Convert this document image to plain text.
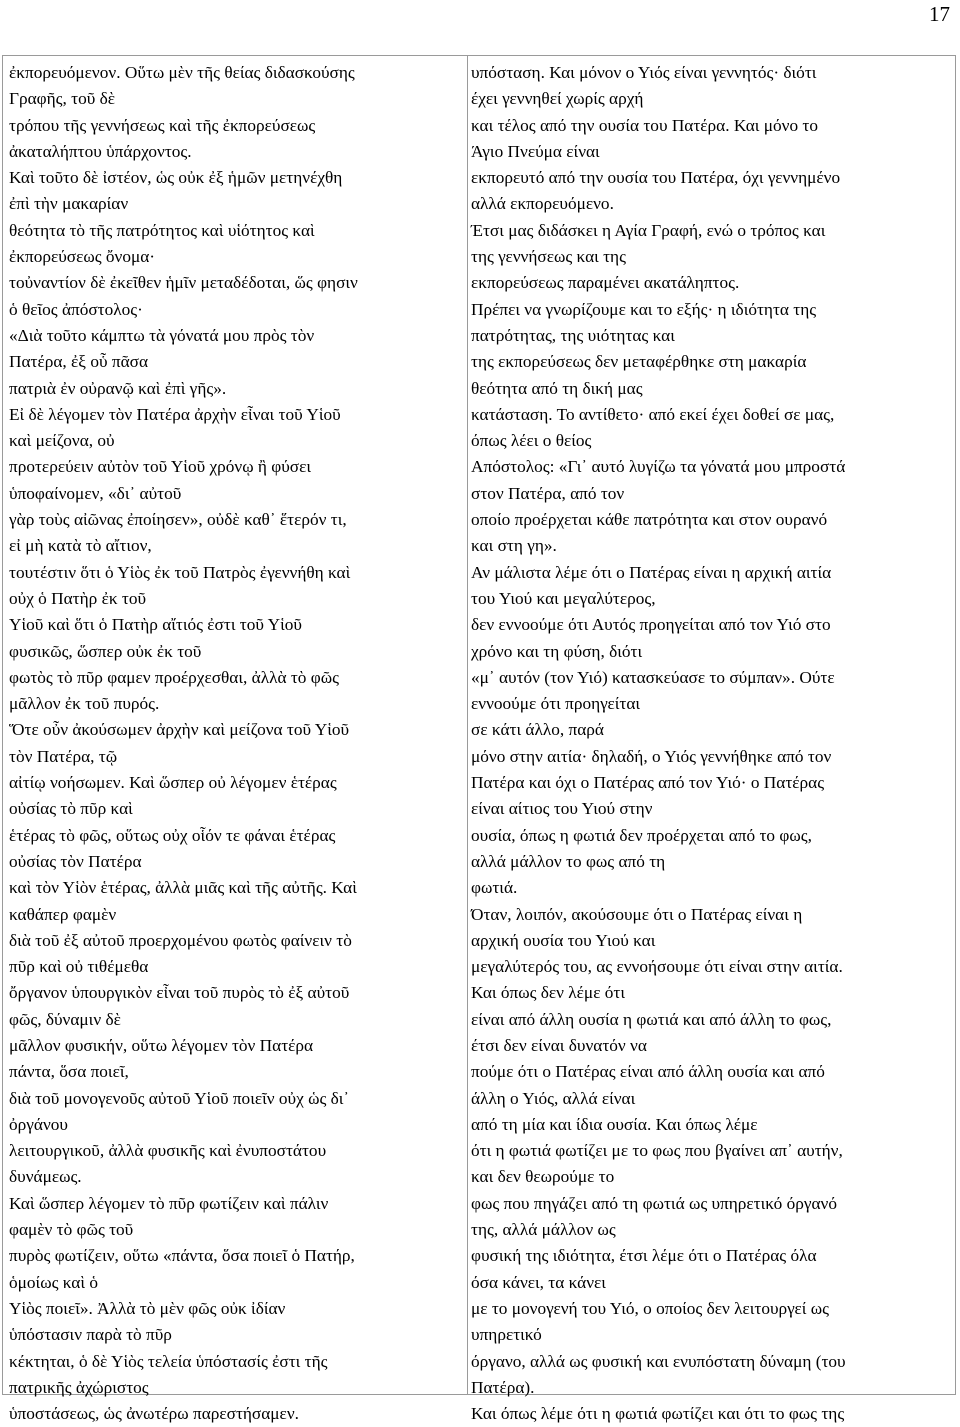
17
ἐκπορευόμενον. Οὕτω μὲν τῆς θείας διδασκούσης
Γραφῆς, τοῦ δὲ
τρόπου τῆς γεννήσεως καὶ τῆς ἐκπορεύσεως
ἀκαταλήπτου ὑπάρχοντος.
Καὶ τοῦτο δὲ ἰστέον, ὡς οὐκ ἐξ ἡμῶν μετηνέχθη
ἐπὶ τὴν μακαρίαν
θεότητα τὸ τῆς πατρότητος καὶ υἱότητος καὶ
ἐκπορεύσεως ὄνομα·
τοὐναντίον δὲ ἐκεῖθεν ἡμῖν μεταδέδοται, ὥς φησιν
ὁ θεῖος ἀπόστολος·
«Διὰ τοῦτο κάμπτω τὰ γόνατά μου πρὸς τὸν
Πατέρα, ἐξ οὗ πᾶσα
πατριὰ ἐν οὐρανῷ καὶ ἐπὶ γῆς».
Εἰ δὲ λέγομεν τὸν Πατέρα ἀρχὴν εἶναι τοῦ Υἱοῦ
καὶ μείζονα, οὐ
προτερεύειν αὐτὸν τοῦ Υἱοῦ χρόνῳ ἢ φύσει
ὑποφαίνομεν, «δι᾽ αὐτοῦ
γὰρ τοὺς αἰῶνας ἐποίησεν», οὐδὲ καθ᾽ ἕτερόν τι,
εἰ μὴ κατὰ τὸ αἴτιον,
τουτέστιν ὅτι ὁ Υἱὸς ἐκ τοῦ Πατρὸς ἐγεννήθη καὶ
οὐχ ὁ Πατὴρ ἐκ τοῦ
Υἱοῦ καὶ ὅτι ὁ Πατὴρ αἴτιός ἐστι τοῦ Υἱοῦ
φυσικῶς, ὥσπερ οὐκ ἐκ τοῦ
φωτὸς τὸ πῦρ φαμεν προέρχεσθαι, ἀλλὰ τὸ φῶς
μᾶλλον ἐκ τοῦ πυρός.
Ὅτε οὖν ἀκούσωμεν ἀρχὴν καὶ μείζονα τοῦ Υἱοῦ
τὸν Πατέρα, τῷ
αἰτίῳ νοήσωμεν. Καὶ ὥσπερ οὐ λέγομεν ἑτέρας
οὐσίας τὸ πῦρ καὶ
ἑτέρας τὸ φῶς, οὕτως οὐχ οἷόν τε φάναι ἑτέρας
οὐσίας τὸν Πατέρα
καὶ τὸν Υἱὸν ἑτέρας, ἀλλὰ μιᾶς καὶ τῆς αὐτῆς. Καὶ
καθάπερ φαμὲν
διὰ τοῦ ἐξ αὐτοῦ προερχομένου φωτὸς φαίνειν τὸ
πῦρ καὶ οὐ τιθέμεθα
ὄργανον ὑπουργικὸν εἶναι τοῦ πυρὸς τὸ ἐξ αὐτοῦ
φῶς, δύναμιν δὲ
μᾶλλον φυσικήν, οὕτω λέγομεν τὸν Πατέρα
πάντα, ὅσα ποιεῖ,
διὰ τοῦ μονογενοῦς αὐτοῦ Υἱοῦ ποιεῖν οὐχ ὡς δι᾽
ὀργάνου
λειτουργικοῦ, ἀλλὰ φυσικῆς καὶ ἐνυποστάτου
δυνάμεως.
Καὶ ὥσπερ λέγομεν τὸ πῦρ φωτίζειν καὶ πάλιν
φαμὲν τὸ φῶς τοῦ
πυρὸς φωτίζειν, οὕτω «πάντα, ὅσα ποιεῖ ὁ Πατήρ,
ὁμοίως καὶ ὁ
Υἱὸς ποιεῖ». Ἀλλὰ τὸ μὲν φῶς οὐκ ἰδίαν
ὑπόστασιν παρὰ τὸ πῦρ
κέκτηται, ὁ δὲ Υἱὸς τελεία ὑπόστασίς ἐστι τῆς
πατρικῆς ἀχώριστος
ὑποστάσεως, ὡς ἀνωτέρω παρεστήσαμεν.
υπόσταση. Και μόνον ο Υιός είναι γεννητός· διότι
έχει γεννηθεί χωρίς αρχή
και τέλος από την ουσία του Πατέρα. Και μόνο το
Άγιο Πνεύμα είναι
εκπορευτό από την ουσία του Πατέρα, όχι γεννημένο
αλλά εκπορευόμενο.
Έτσι μας διδάσκει η Αγία Γραφή, ενώ ο τρόπος και
της γεννήσεως και της
εκπορεύσεως παραμένει ακατάληπτος.
Πρέπει να γνωρίζουμε και το εξής· η ιδιότητα της
πατρότητας, της υιότητας και
της εκπορεύσεως δεν μεταφέρθηκε στη μακαρία
θεότητα από τη δική μας
κατάσταση. Το αντίθετο· από εκεί έχει δοθεί σε μας,
όπως λέει ο θείος
Απόστολος: «Γι᾽ αυτό λυγίζω τα γόνατά μου μπροστά
στον Πατέρα, από τον
οποίο προέρχεται κάθε πατρότητα και στον ουρανό
και στη γη».
Αν μάλιστα λέμε ότι ο Πατέρας είναι η αρχική αιτία
του Υιού και μεγαλύτερος,
δεν εννοούμε ότι Αυτός προηγείται από τον Υιό στο
χρόνο και τη φύση, διότι
«μ᾽ αυτόν (τον Υιό) κατασκεύασε το σύμπαν». Ούτε
εννοούμε ότι προηγείται
σε κάτι άλλο, παρά
μόνο στην αιτία· δηλαδή, ο Υιός γεννήθηκε από τον
Πατέρα και όχι ο Πατέρας από τον Υιό· ο Πατέρας
είναι αίτιος του Υιού στην
ουσία, όπως η φωτιά δεν προέρχεται από το φως,
αλλά μάλλον το φως από τη
φωτιά.
Όταν, λοιπόν, ακούσουμε ότι ο Πατέρας είναι η
αρχική ουσία του Υιού και
μεγαλύτερός του, ας εννοήσουμε ότι είναι στην αιτία.
Και όπως δεν λέμε ότι
είναι από άλλη ουσία η φωτιά και από άλλη το φως,
έτσι δεν είναι δυνατόν να
πούμε ότι ο Πατέρας είναι από άλλη ουσία και από
άλλη ο Υιός, αλλά είναι
από τη μία και ίδια ουσία. Και όπως λέμε
ότι η φωτιά φωτίζει με το φως που βγαίνει απ᾽ αυτήν,
και δεν θεωρούμε το
φως που πηγάζει από τη φωτιά ως υπηρετικό όργανό
της, αλλά μάλλον ως
φυσική της ιδιότητα, έτσι λέμε ότι ο Πατέρας όλα
όσα κάνει, τα κάνει
με το μονογενή του Υιό, ο οποίος δεν λειτουργεί ως
υπηρετικό
όργανο, αλλά ως φυσική και ενυπόστατη δύναμη (του
Πατέρα).
Και όπως λέμε ότι η φωτιά φωτίζει και ότι το φως της
